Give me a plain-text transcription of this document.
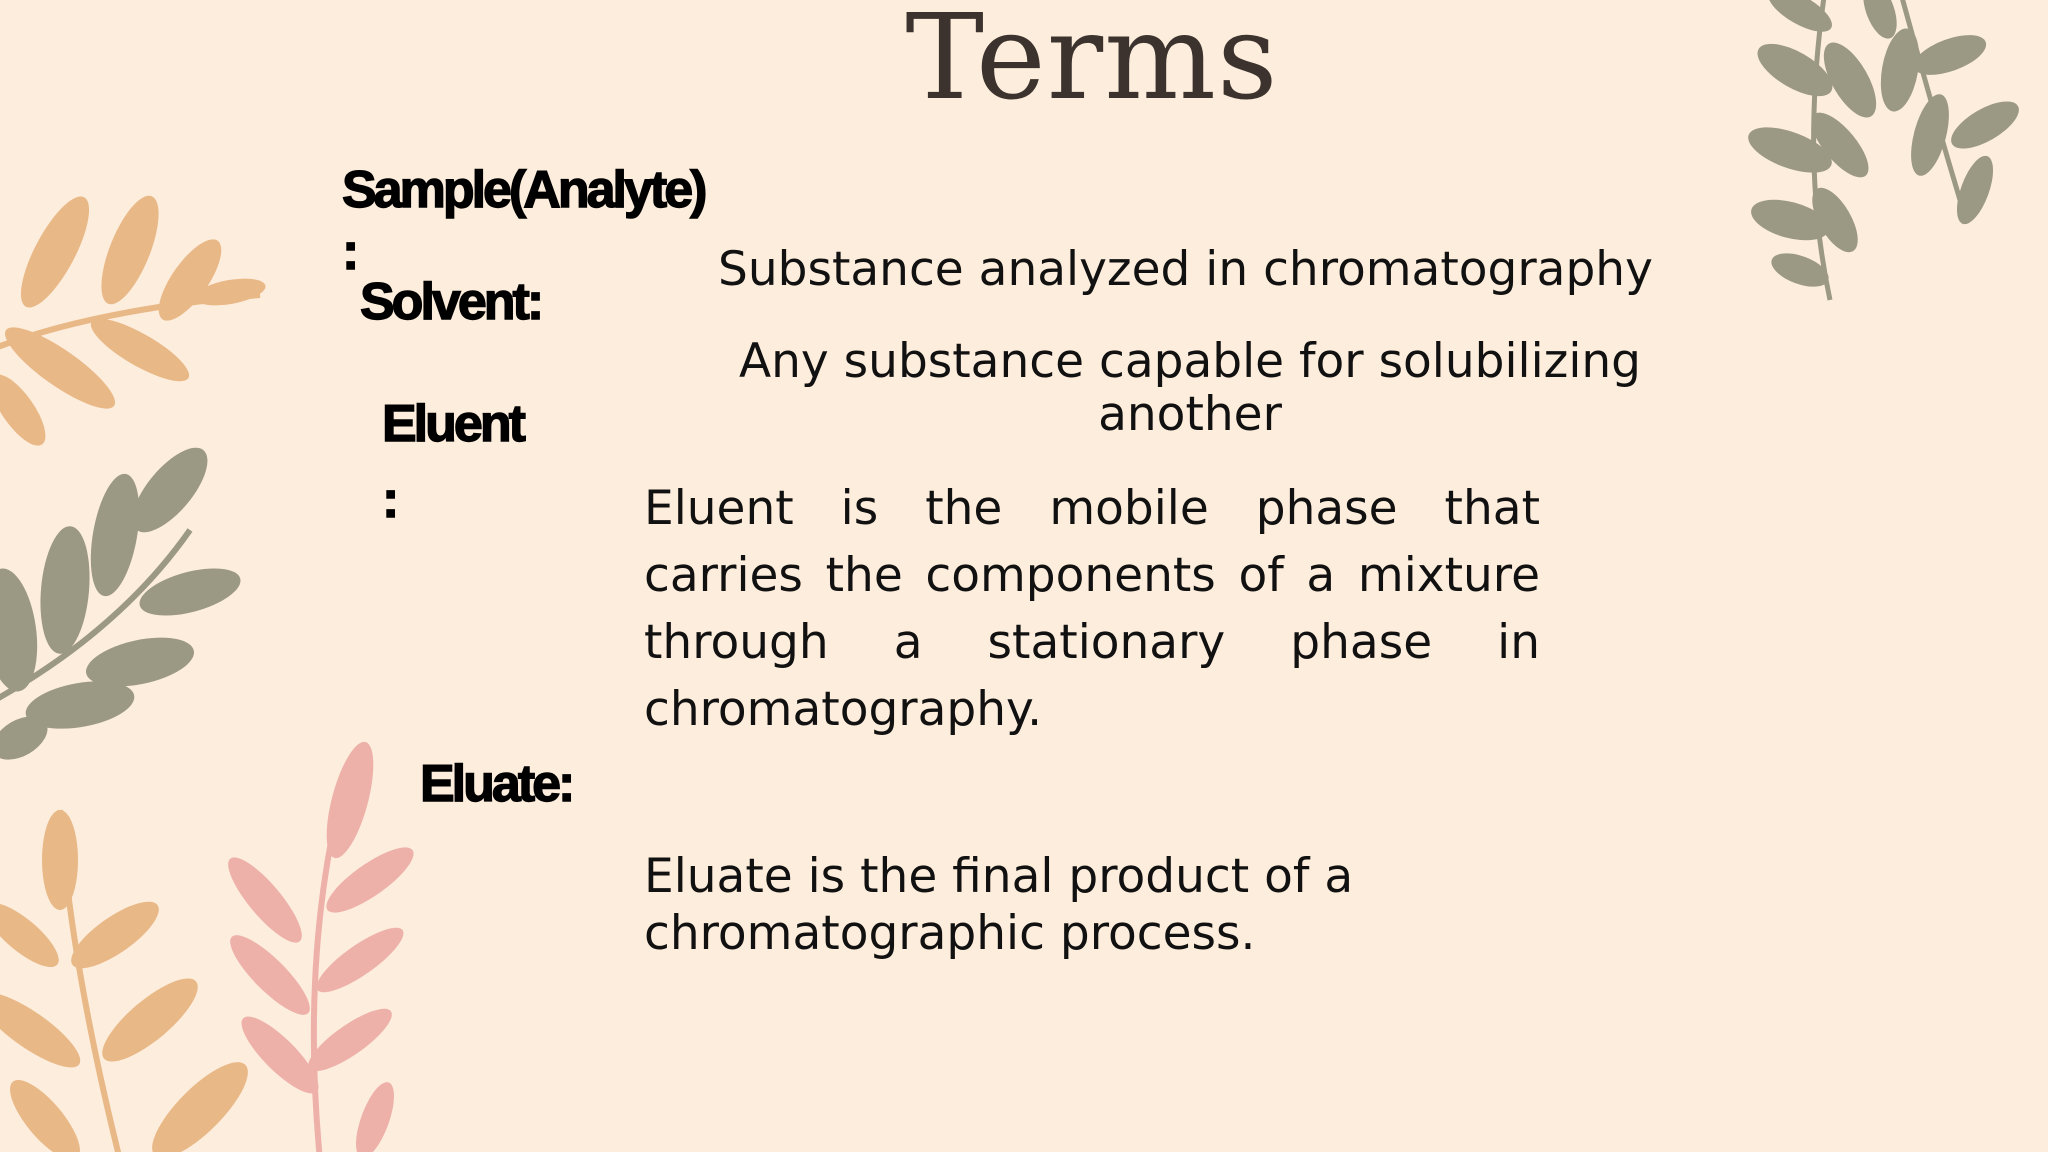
Terms
Sample(Analyte)
:	Substance analyzed in chromatography
Solvent:
Any substance capable for solubilizing another
Eluent
:	Eluent is the mobile phase that carries the components of a mixture through a stationary phase in chromatography.
Eluate:
Eluate is the final product of a chromatographic process.
